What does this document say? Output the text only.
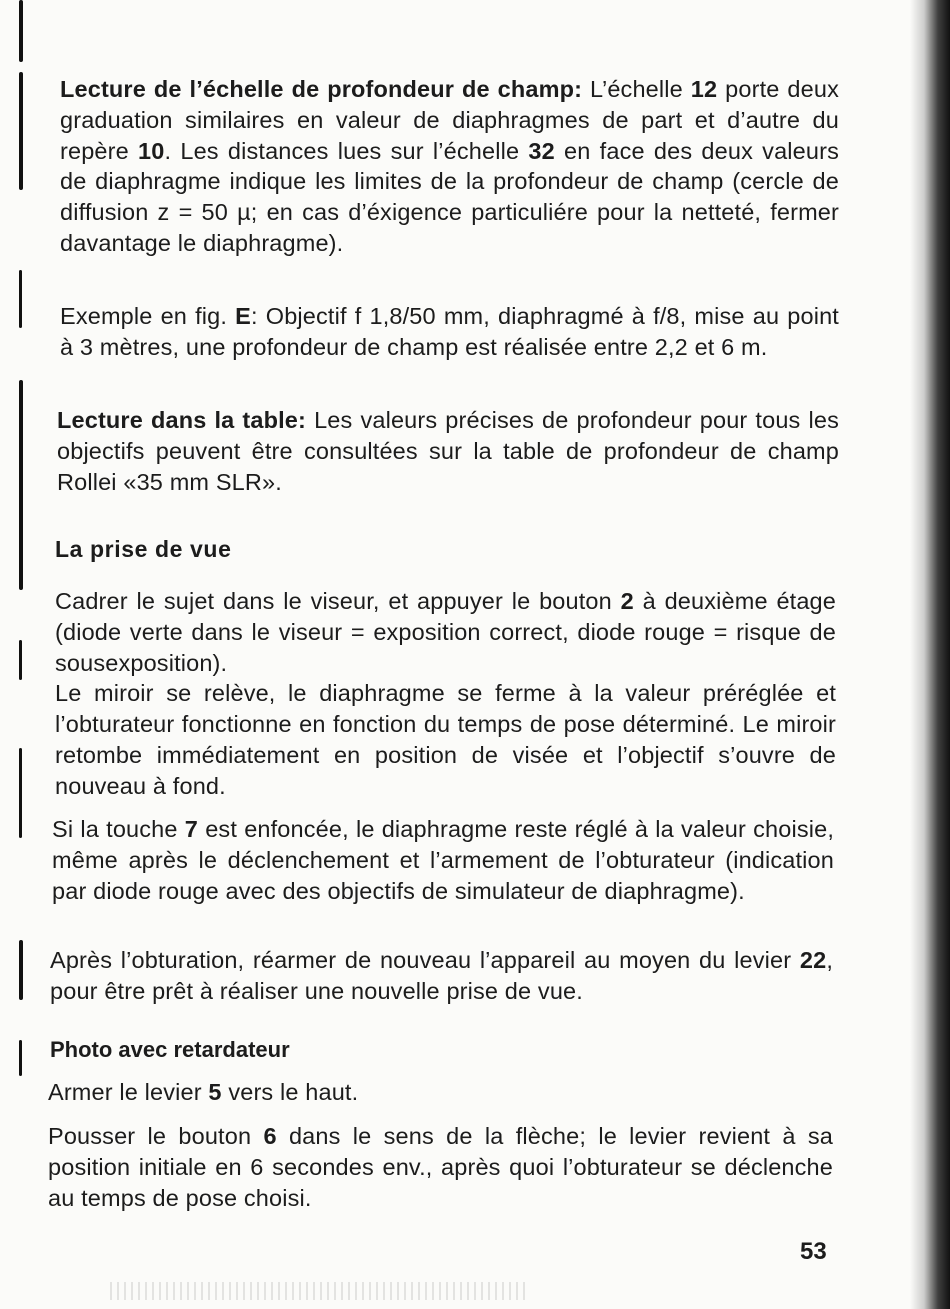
Lecture de l’échelle de profondeur de champ: L’échelle 12 porte deux graduation similaires en valeur de diaphragmes de part et d’autre du repère 10. Les distances lues sur l’échelle 32 en face des deux valeurs de diaphragme indique les limites de la profondeur de champ (cercle de diffusion z = 50 µ; en cas d’éxigence particuliére pour la netteté, fermer davantage le diaphragme).

Exemple en fig. E: Objectif f 1,8/50 mm, diaphragmé à f/8, mise au point à 3 mètres, une profondeur de champ est réalisée entre 2,2 et 6 m.

Lecture dans la table: Les valeurs précises de profondeur pour tous les objectifs peuvent être consultées sur la table de profondeur de champ Rollei «35 mm SLR».

La prise de vue

Cadrer le sujet dans le viseur, et appuyer le bouton 2 à deuxième étage (diode verte dans le viseur = exposition correct, diode rouge = risque de sousexposition).

Le miroir se relève, le diaphragme se ferme à la valeur préréglée et l’obturateur fonctionne en fonction du temps de pose déterminé. Le miroir retombe immédiatement en position de visée et l’objectif s’ouvre de nouveau à fond.

Si la touche 7 est enfoncée, le diaphragme reste réglé à la valeur choisie, même après le déclenchement et l’armement de l’obturateur (indication par diode rouge avec des objectifs de simulateur de diaphragme).

Après l’obturation, réarmer de nouveau l’appareil au moyen du levier 22, pour être prêt à réaliser une nouvelle prise de vue.

Photo avec retardateur

Armer le levier 5 vers le haut.

Pousser le bouton 6 dans le sens de la flèche; le levier revient à sa position initiale en 6 secondes env., après quoi l’obturateur se déclenche au temps de pose choisi.

53
